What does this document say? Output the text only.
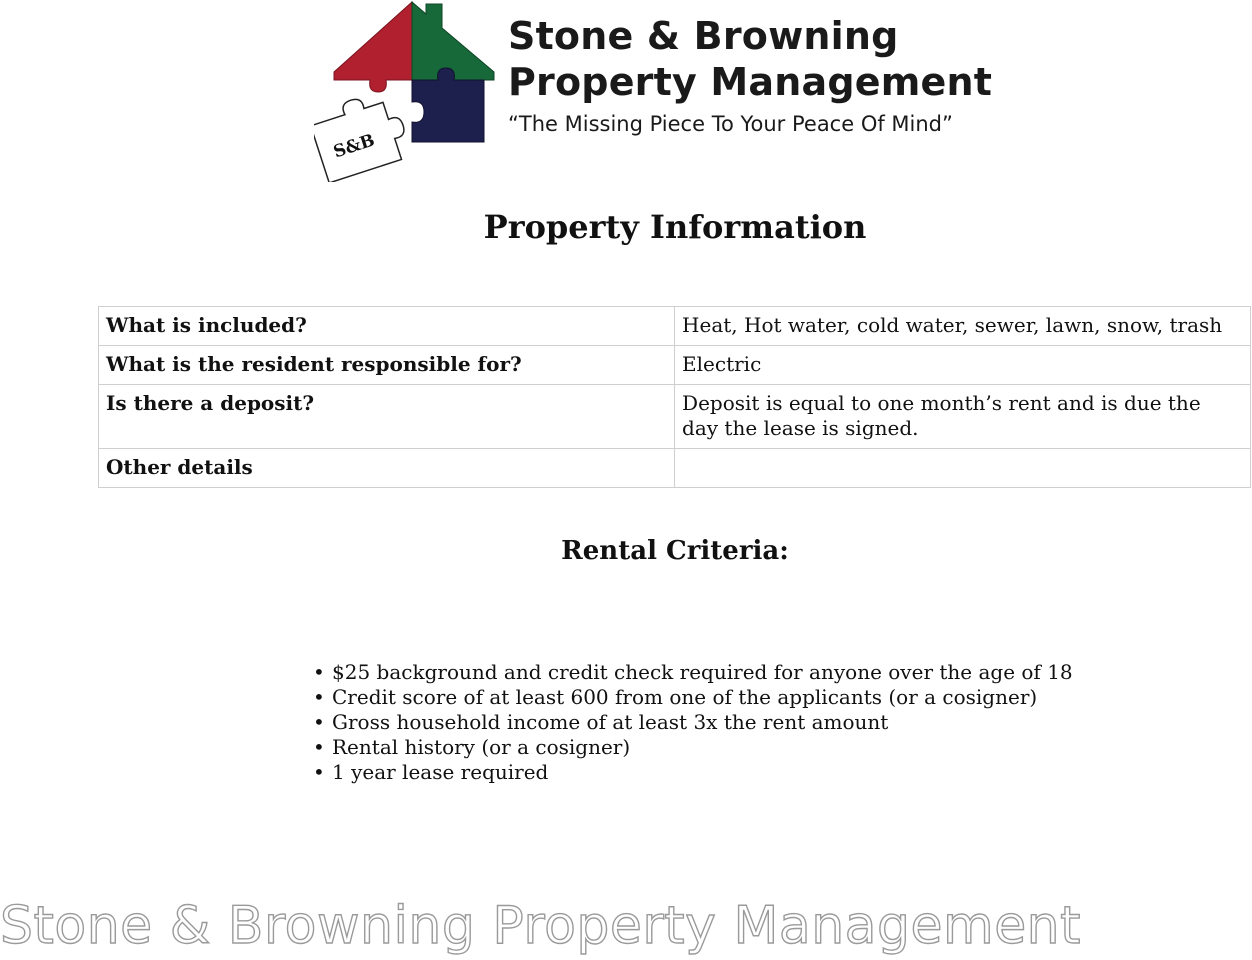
S&B
Stone & Browning
Property Management
“The Missing Piece To Your Peace Of Mind”
Property Information
What is included?	Heat, Hot water, cold water, sewer, lawn, snow, trash
What is the resident responsible for?	Electric
Is there a deposit?	Deposit is equal to one month’s rent and is due the day the lease is signed.
Other details	
Rental Criteria:
• $25 background and credit check required for anyone over the age of 18
• Credit score of at least 600 from one of the applicants (or a cosigner)
• Gross household income of at least 3x the rent amount
• Rental history (or a cosigner)
• 1 year lease required
Stone & Browning Property Management
